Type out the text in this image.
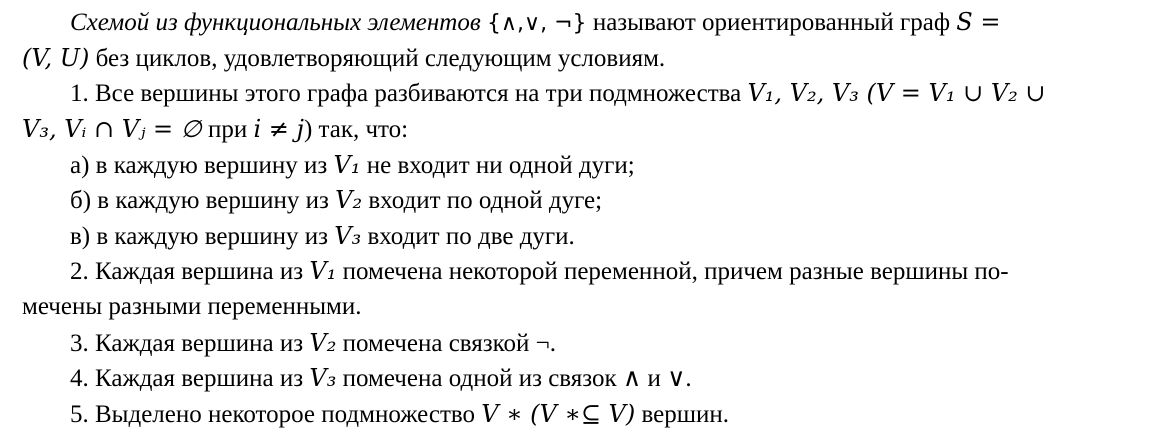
Схемой из функциональных элементов {∧,∨, ¬} называют ориентированный граф S =
(V, U) без циклов, удовлетворяющий следующим условиям.
1. Все вершины этого графа разбиваются на три подмножества V₁, V₂, V₃ (V = V₁ ∪ V₂ ∪
V₃, Vᵢ ∩ Vⱼ = ∅ при i ≠ j) так, что:
а) в каждую вершину из V₁ не входит ни одной дуги;
б) в каждую вершину из V₂ входит по одной дуге;
в) в каждую вершину из V₃ входит по две дуги.
2. Каждая вершина из V₁ помечена некоторой переменной, причем разные вершины по-
мечены разными переменными.
3. Каждая вершина из V₂ помечена связкой ¬.
4. Каждая вершина из V₃ помечена одной из связок ∧ и ∨.
5. Выделено некоторое подмножество V ∗ (V ∗⊆ V) вершин.
